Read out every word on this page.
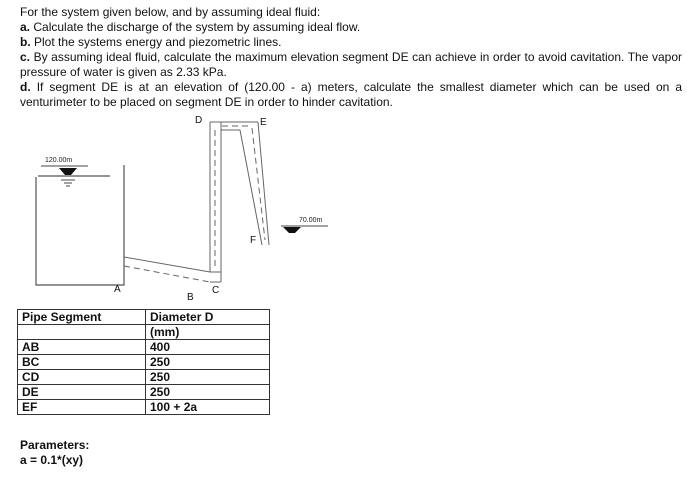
For the system given below, and by assuming ideal fluid:

a. Calculate the discharge of the system by assuming ideal flow.

b. Plot the systems energy and piezometric lines.

c. By assuming ideal fluid, calculate the maximum elevation segment DE can achieve in order to avoid cavitation. The vapor pressure of water is given as 2.33 kPa.

d. If segment DE is at an elevation of (120.00 - a) meters, calculate the smallest diameter which can be used on a venturimeter to be placed on segment DE in order to hinder cavitation.

120.00m
70.00m
D	E
F
A
B
C
Pipe Segment	Diameter D
	(mm)
AB	400
BC	250
CD	250
DE	250
EF	100 + 2a
Parameters:
a = 0.1*(xy)
